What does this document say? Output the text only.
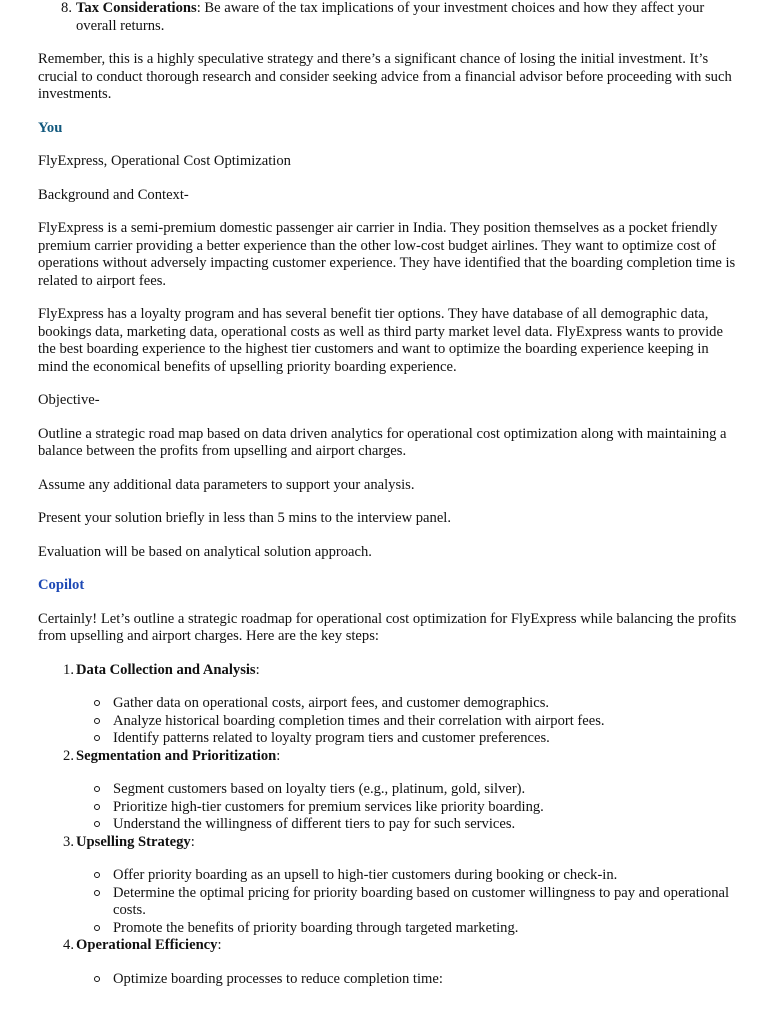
8. Tax Considerations: Be aware of the tax implications of your investment choices and how they affect your overall returns.

Remember, this is a highly speculative strategy and there’s a significant chance of losing the initial investment. It’s crucial to conduct thorough research and consider seeking advice from a financial advisor before proceeding with such investments.

You

FlyExpress, Operational Cost Optimization

Background and Context-

FlyExpress is a semi-premium domestic passenger air carrier in India. They position themselves as a pocket friendly premium carrier providing a better experience than the other low-cost budget airlines. They want to optimize cost of operations without adversely impacting customer experience. They have identified that the boarding completion time is related to airport fees.

FlyExpress has a loyalty program and has several benefit tier options. They have database of all demographic data, bookings data, marketing data, operational costs as well as third party market level data. FlyExpress wants to provide the best boarding experience to the highest tier customers and want to optimize the boarding experience keeping in mind the economical benefits of upselling priority boarding experience.

Objective-

Outline a strategic road map based on data driven analytics for operational cost optimization along with maintaining a balance between the profits from upselling and airport charges.

Assume any additional data parameters to support your analysis.

Present your solution briefly in less than 5 mins to the interview panel.

Evaluation will be based on analytical solution approach.

Copilot

Certainly! Let’s outline a strategic roadmap for operational cost optimization for FlyExpress while balancing the profits from upselling and airport charges. Here are the key steps:

1. Data Collection and Analysis:
Gather data on operational costs, airport fees, and customer demographics.
Analyze historical boarding completion times and their correlation with airport fees.
Identify patterns related to loyalty program tiers and customer preferences.
2. Segmentation and Prioritization:
Segment customers based on loyalty tiers (e.g., platinum, gold, silver).
Prioritize high-tier customers for premium services like priority boarding.
Understand the willingness of different tiers to pay for such services.
3. Upselling Strategy:
Offer priority boarding as an upsell to high-tier customers during booking or check-in.
Determine the optimal pricing for priority boarding based on customer willingness to pay and operational costs.
Promote the benefits of priority boarding through targeted marketing.
4. Operational Efficiency:
Optimize boarding processes to reduce completion time:
